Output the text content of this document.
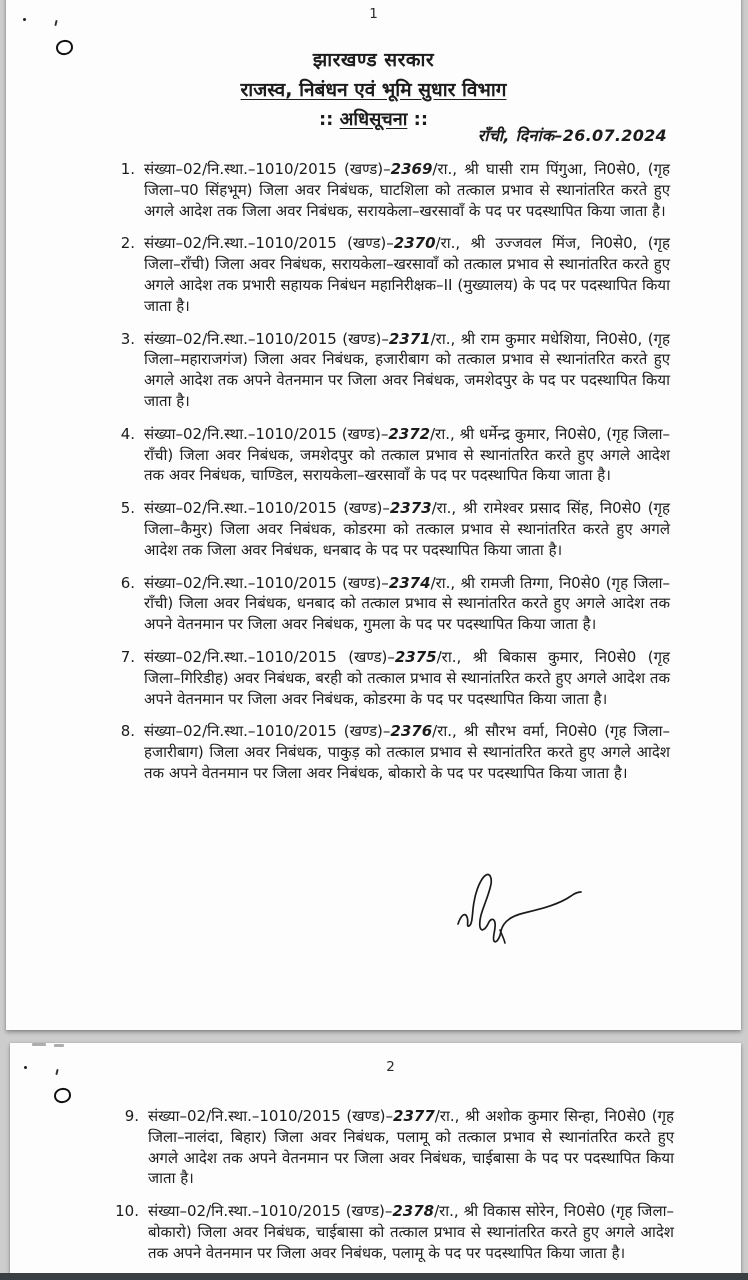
1
झारखण्ड सरकार
राजस्व, निबंधन एवं भूमि सुधार विभाग
:: अधिसूचना ::
राँची, दिनांक–26.07.2024
1. संख्या–02/नि.स्था.–1010/2015 (खण्ड)–2369/रा., श्री घासी राम पिंगुआ, नि0से0, (गृह जिला–प0 सिंहभूम) जिला अवर निबंधक, घाटशिला को तत्काल प्रभाव से स्थानांतरित करते हुए अगले आदेश तक जिला अवर निबंधक, सरायकेला–खरसावाँ के पद पर पदस्थापित किया जाता है।

2. संख्या–02/नि.स्था.–1010/2015 (खण्ड)–2370/रा., श्री उज्जवल मिंज, नि0से0, (गृह जिला–राँची) जिला अवर निबंधक, सरायकेला–खरसावाँ को तत्काल प्रभाव से स्थानांतरित करते हुए अगले आदेश तक प्रभारी सहायक निबंधन महानिरीक्षक–II (मुख्यालय) के पद पर पदस्थापित किया जाता है।

3. संख्या–02/नि.स्था.–1010/2015 (खण्ड)–2371/रा., श्री राम कुमार मधेशिया, नि0से0, (गृह जिला–महाराजगंज) जिला अवर निबंधक, हजारीबाग को तत्काल प्रभाव से स्थानांतरित करते हुए अगले आदेश तक अपने वेतनमान पर जिला अवर निबंधक, जमशेदपुर के पद पर पदस्थापित किया जाता है।

4. संख्या–02/नि.स्था.–1010/2015 (खण्ड)–2372/रा., श्री धर्मेन्द्र कुमार, नि0से0, (गृह जिला–राँची) जिला अवर निबंधक, जमशेदपुर को तत्काल प्रभाव से स्थानांतरित करते हुए अगले आदेश तक अवर निबंधक, चाण्डिल, सरायकेला–खरसावाँ के पद पर पदस्थापित किया जाता है।

5. संख्या–02/नि.स्था.–1010/2015 (खण्ड)–2373/रा., श्री रामेश्वर प्रसाद सिंह, नि0से0 (गृह जिला–कैमुर) जिला अवर निबंधक, कोडरमा को तत्काल प्रभाव से स्थानांतरित करते हुए अगले आदेश तक जिला अवर निबंधक, धनबाद के पद पर पदस्थापित किया जाता है।

6. संख्या–02/नि.स्था.–1010/2015 (खण्ड)–2374/रा., श्री रामजी तिग्गा, नि0से0 (गृह जिला–राँची) जिला अवर निबंधक, धनबाद को तत्काल प्रभाव से स्थानांतरित करते हुए अगले आदेश तक अपने वेतनमान पर जिला अवर निबंधक, गुमला के पद पर पदस्थापित किया जाता है।

7. संख्या–02/नि.स्था.–1010/2015 (खण्ड)–2375/रा., श्री बिकास कुमार, नि0से0 (गृह जिला–गिरिडीह) अवर निबंधक, बरही को तत्काल प्रभाव से स्थानांतरित करते हुए अगले आदेश तक अपने वेतनमान पर जिला अवर निबंधक, कोडरमा के पद पर पदस्थापित किया जाता है।

8. संख्या–02/नि.स्था.–1010/2015 (खण्ड)–2376/रा., श्री सौरभ वर्मा, नि0से0 (गृह जिला–हजारीबाग) जिला अवर निबंधक, पाकुड़ को तत्काल प्रभाव से स्थानांतरित करते हुए अगले आदेश तक अपने वेतनमान पर जिला अवर निबंधक, बोकारो के पद पर पदस्थापित किया जाता है।

2
9. संख्या–02/नि.स्था.–1010/2015 (खण्ड)–2377/रा., श्री अशोक कुमार सिन्हा, नि0से0 (गृह जिला–नालंदा, बिहार) जिला अवर निबंधक, पलामू को तत्काल प्रभाव से स्थानांतरित करते हुए अगले आदेश तक अपने वेतनमान पर जिला अवर निबंधक, चाईबासा के पद पर पदस्थापित किया जाता है।

10. संख्या–02/नि.स्था.–1010/2015 (खण्ड)–2378/रा., श्री विकास सोरेन, नि0से0 (गृह जिला–बोकारो) जिला अवर निबंधक, चाईबासा को तत्काल प्रभाव से स्थानांतरित करते हुए अगले आदेश तक अपने वेतनमान पर जिला अवर निबंधक, पलामू के पद पर पदस्थापित किया जाता है।
